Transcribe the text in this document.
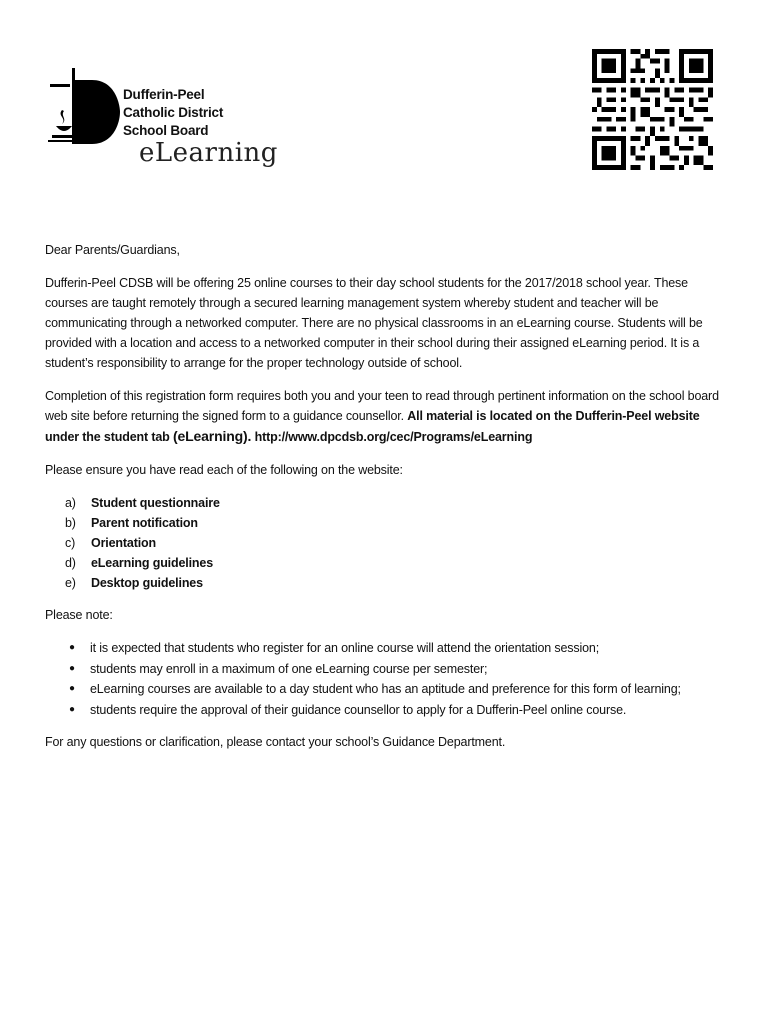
Dufferin-Peel
Catholic District
School Board
eLearning

Dear Parents/Guardians,

Dufferin-Peel CDSB will be offering 25 online courses to their day school students for the 2017/2018 school year. These courses are taught remotely through a secured learning management system whereby student and teacher will be communicating through a networked computer. There are no physical classrooms in an eLearning course. Students will be provided with a location and access to a networked computer in their school during their assigned eLearning period. It is a student’s responsibility to arrange for the proper technology outside of school.

Completion of this registration form requires both you and your teen to read through pertinent information on the school board web site before returning the signed form to a guidance counsellor. All material is located on the Dufferin-Peel website under the student tab (eLearning). http://www.dpcdsb.org/cec/Programs/eLearning

Please ensure you have read each of the following on the website:

a)	Student questionnaire
b)	Parent notification
c)	Orientation
d)	eLearning guidelines
e)	Desktop guidelines

Please note:

●	it is expected that students who register for an online course will attend the orientation session;
●	students may enroll in a maximum of one eLearning course per semester;
●	eLearning courses are available to a day student who has an aptitude and preference for this form of learning;
●	students require the approval of their guidance counsellor to apply for a Dufferin-Peel online course.

For any questions or clarification, please contact your school’s Guidance Department.
